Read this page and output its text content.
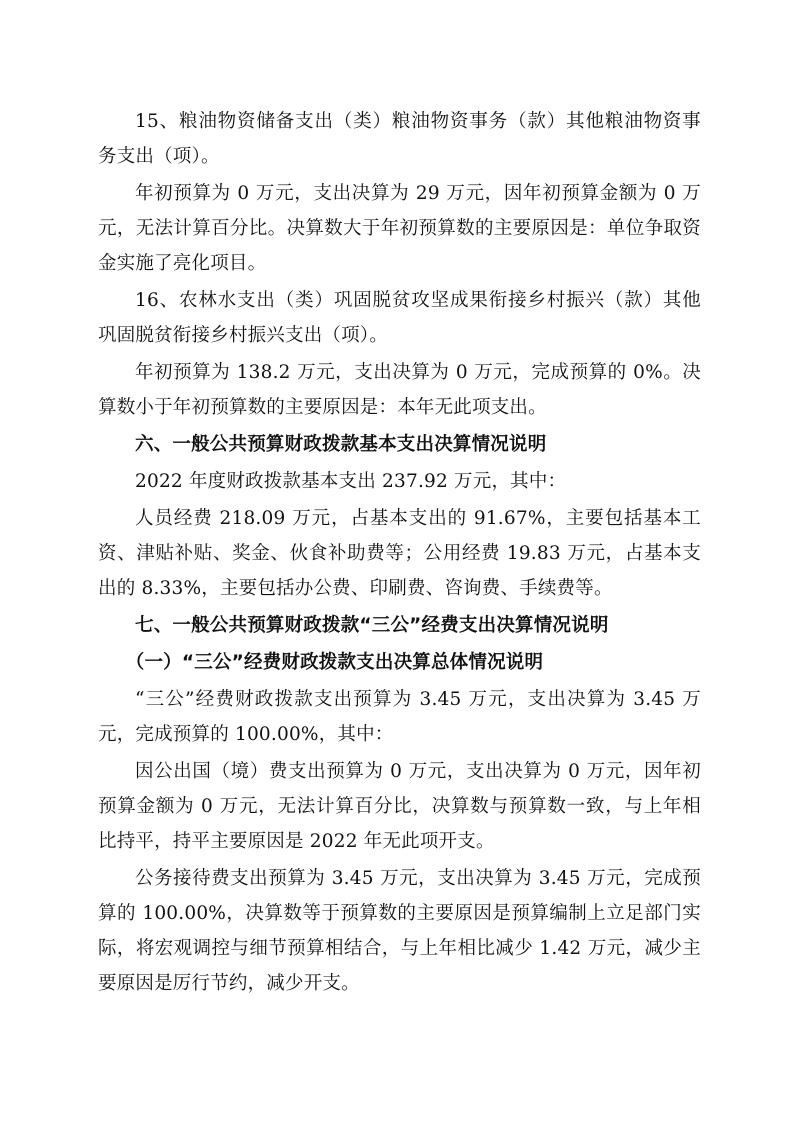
15、粮油物资储备支出（类）粮油物资事务（款）其他粮油物资事务支出（项）。

年初预算为 0 万元，支出决算为 29 万元，因年初预算金额为 0 万元，无法计算百分比。决算数大于年初预算数的主要原因是：单位争取资金实施了亮化项目。

16、农林水支出（类）巩固脱贫攻坚成果衔接乡村振兴（款）其他巩固脱贫衔接乡村振兴支出（项）。

年初预算为 138.2 万元，支出决算为 0 万元，完成预算的 0%。决算数小于年初预算数的主要原因是：本年无此项支出。

六、一般公共预算财政拨款基本支出决算情况说明

2022 年度财政拨款基本支出 237.92 万元，其中：

人员经费 218.09 万元，占基本支出的 91.67%，主要包括基本工资、津贴补贴、奖金、伙食补助费等；公用经费 19.83 万元，占基本支出的 8.33%，主要包括办公费、印刷费、咨询费、手续费等。

七、一般公共预算财政拨款“三公”经费支出决算情况说明

（一）“三公”经费财政拨款支出决算总体情况说明

“三公”经费财政拨款支出预算为 3.45 万元，支出决算为 3.45 万元，完成预算的 100.00%，其中：

因公出国（境）费支出预算为 0 万元，支出决算为 0 万元，因年初预算金额为 0 万元，无法计算百分比，决算数与预算数一致，与上年相比持平，持平主要原因是 2022 年无此项开支。

公务接待费支出预算为 3.45 万元，支出决算为 3.45 万元，完成预算的 100.00%，决算数等于预算数的主要原因是预算编制上立足部门实际，将宏观调控与细节预算相结合，与上年相比减少 1.42 万元，减少主要原因是厉行节约，减少开支。
